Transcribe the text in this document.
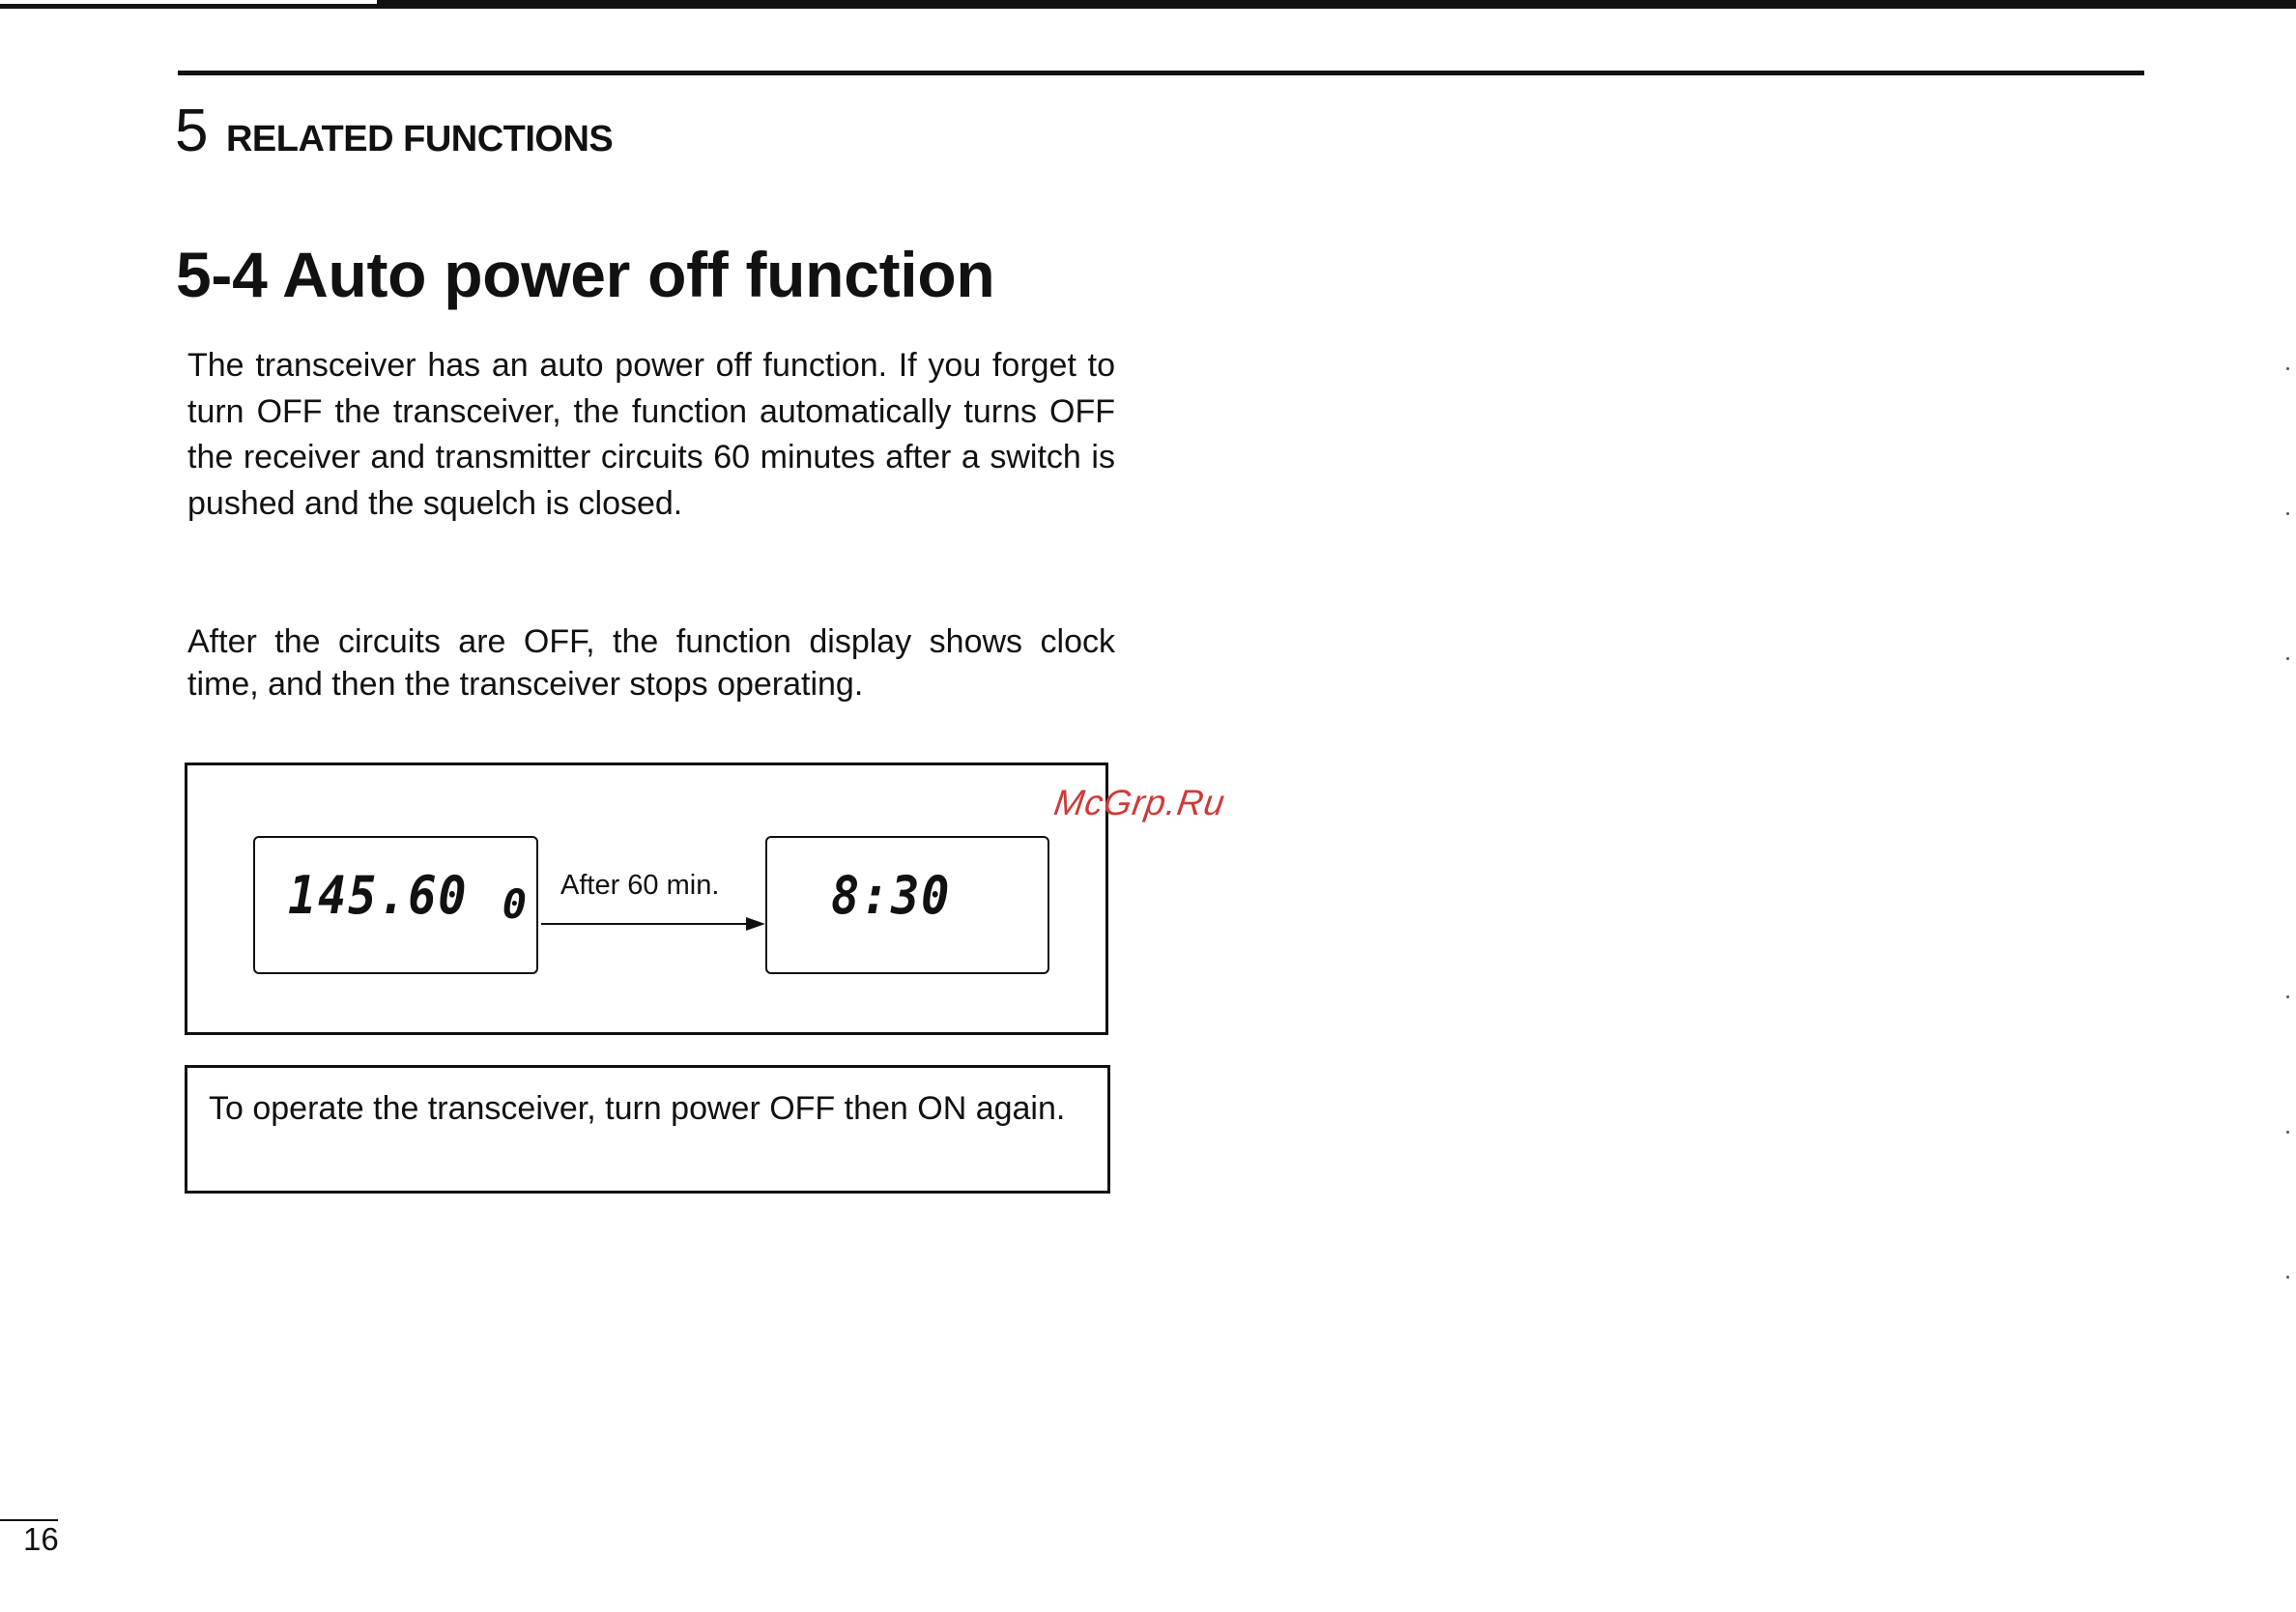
5 RELATED FUNCTIONS
5-4 Auto power off function

The transceiver has an auto power off function. If you forget to turn OFF the transceiver, the function automatically turns OFF the receiver and transmitter circuits 60 minutes after a switch is pushed and the squelch is closed.

After the circuits are OFF, the function display shows clock time, and then the transceiver stops operating.

145.60 0 After 60 min. 8:30
McGrp.Ru
To operate the transceiver, turn power OFF then ON again.
16
